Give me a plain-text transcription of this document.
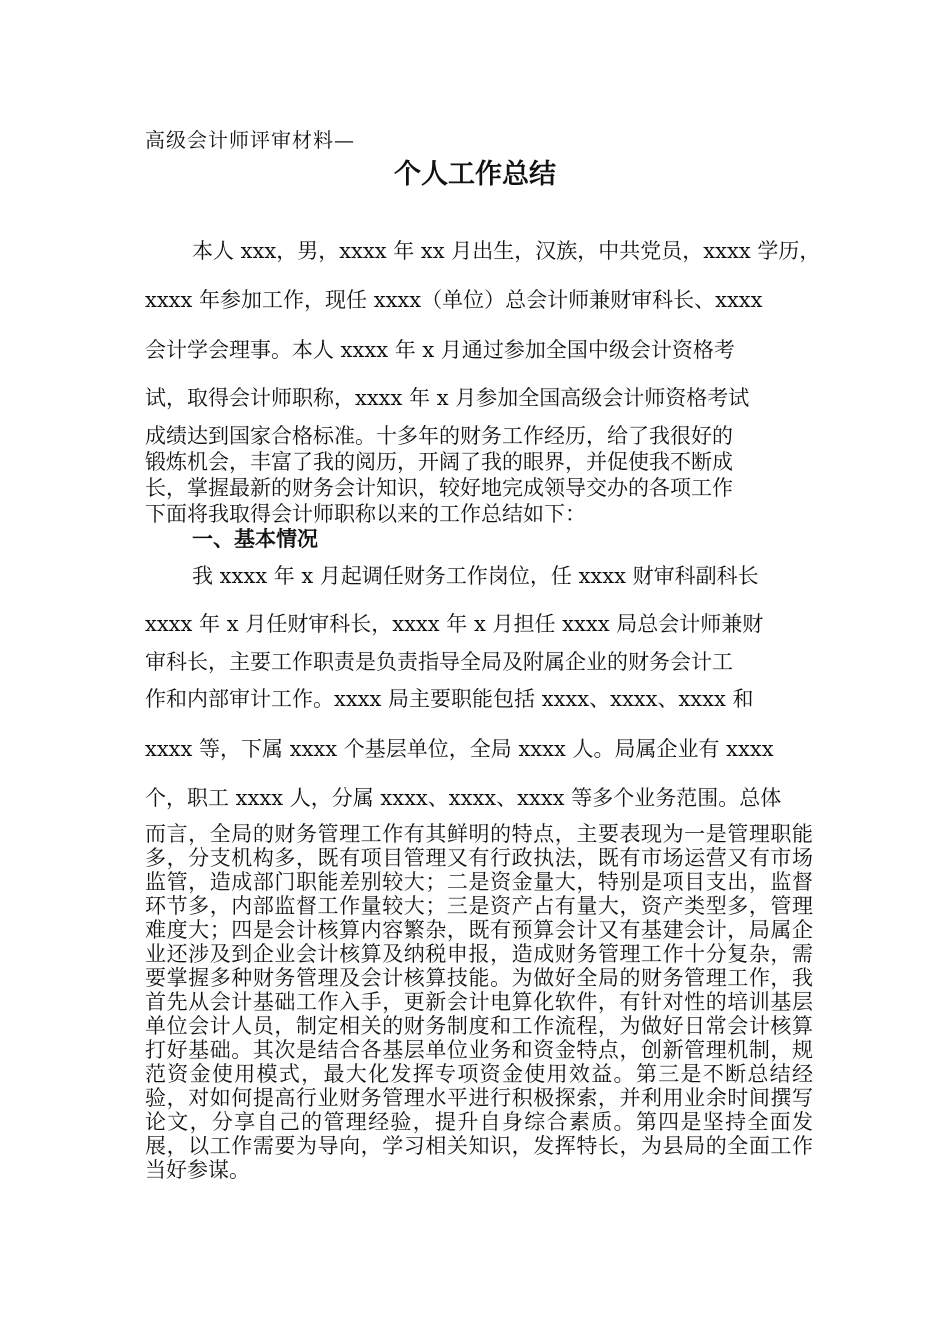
高级会计师评审材料—
个人工作总结
本人 xxx，男，xxxx 年 xx 月出生，汉族，中共党员，xxxx 学历，
xxxx 年参加工作，现任 xxxx（单位）总会计师兼财审科长、xxxx
会计学会理事。本人 xxxx 年 x 月通过参加全国中级会计资格考
试，取得会计师职称，xxxx 年 x 月参加全国高级会计师资格考试
成绩达到国家合格标准。十多年的财务工作经历，给了我很好的
锻炼机会，丰富了我的阅历，开阔了我的眼界，并促使我不断成
长，掌握最新的财务会计知识，较好地完成领导交办的各项工作
下面将我取得会计师职称以来的工作总结如下：
一、基本情况
我 xxxx 年 x 月起调任财务工作岗位，任 xxxx 财审科副科长
xxxx 年 x 月任财审科长，xxxx 年 x 月担任 xxxx 局总会计师兼财
审科长，主要工作职责是负责指导全局及附属企业的财务会计工
作和内部审计工作。xxxx 局主要职能包括 xxxx、xxxx、xxxx 和
xxxx 等，下属 xxxx 个基层单位，全局 xxxx 人。局属企业有 xxxx
个，职工 xxxx 人，分属 xxxx、xxxx、xxxx 等多个业务范围。总体
而言，全局的财务管理工作有其鲜明的特点，主要表现为一是管理职能多，分支机构多，既有项目管理又有行政执法，既有市场运营又有市场监管，造成部门职能差别较大；二是资金量大，特别是项目支出，监督环节多，内部监督工作量较大；三是资产占有量大，资产类型多，管理难度大；四是会计核算内容繁杂，既有预算会计又有基建会计，局属企业还涉及到企业会计核算及纳税申报，造成财务管理工作十分复杂，需要掌握多种财务管理及会计核算技能。为做好全局的财务管理工作，我首先从会计基础工作入手，更新会计电算化软件，有针对性的培训基层单位会计人员，制定相关的财务制度和工作流程，为做好日常会计核算打好基础。其次是结合各基层单位业务和资金特点，创新管理机制，规范资金使用模式，最大化发挥专项资金使用效益。第三是不断总结经验，对如何提高行业财务管理水平进行积极探索，并利用业余时间撰写论文，分享自己的管理经验，提升自身综合素质。第四是坚持全面发展，以工作需要为导向，学习相关知识，发挥特长，为县局的全面工作当好参谋。
